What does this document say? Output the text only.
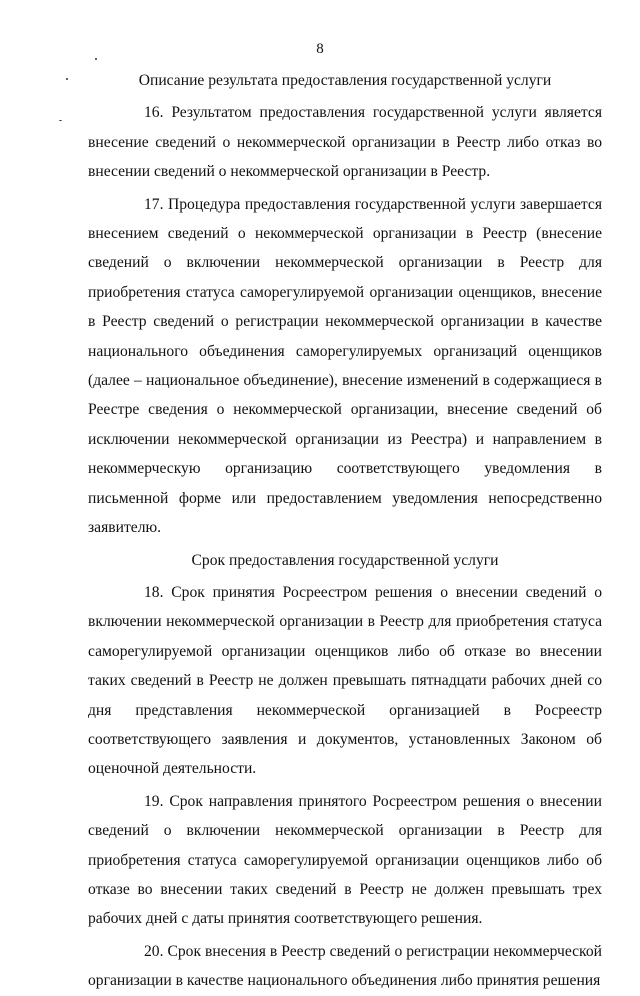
8
Описание результата предоставления государственной услуги

16. Результатом предоставления государственной услуги является внесение сведений о некоммерческой организации в Реестр либо отказ во внесении сведений о некоммерческой организации в Реестр.

17. Процедура предоставления государственной услуги завершается внесением сведений о некоммерческой организации в Реестр (внесение сведений о включении некоммерческой организации в Реестр для приобретения статуса саморегулируемой организации оценщиков, внесение в Реестр сведений о регистрации некоммерческой организации в качестве национального объединения саморегулируемых организаций оценщиков (далее – национальное объединение), внесение изменений в содержащиеся в Реестре сведения о некоммерческой организации, внесение сведений об исключении некоммерческой организации из Реестра) и направлением в некоммерческую организацию соответствующего уведомления в письменной форме или предоставлением уведомления непосредственно заявителю.

Срок предоставления государственной услуги

18. Срок принятия Росреестром решения о внесении сведений о включении некоммерческой организации в Реестр для приобретения статуса саморегулируемой организации оценщиков либо об отказе во внесении таких сведений в Реестр не должен превышать пятнадцати рабочих дней со дня представления некоммерческой организацией в Росреестр соответствующего заявления и документов, установленных Законом об оценочной деятельности.

19. Срок направления принятого Росреестром решения о внесении сведений о включении некоммерческой организации в Реестр для приобретения статуса саморегулируемой организации оценщиков либо об отказе во внесении таких сведений в Реестр не должен превышать трех рабочих дней с даты принятия соответствующего решения.

20. Срок внесения в Реестр сведений о регистрации некоммерческой организации в качестве национального объединения либо принятия решения
